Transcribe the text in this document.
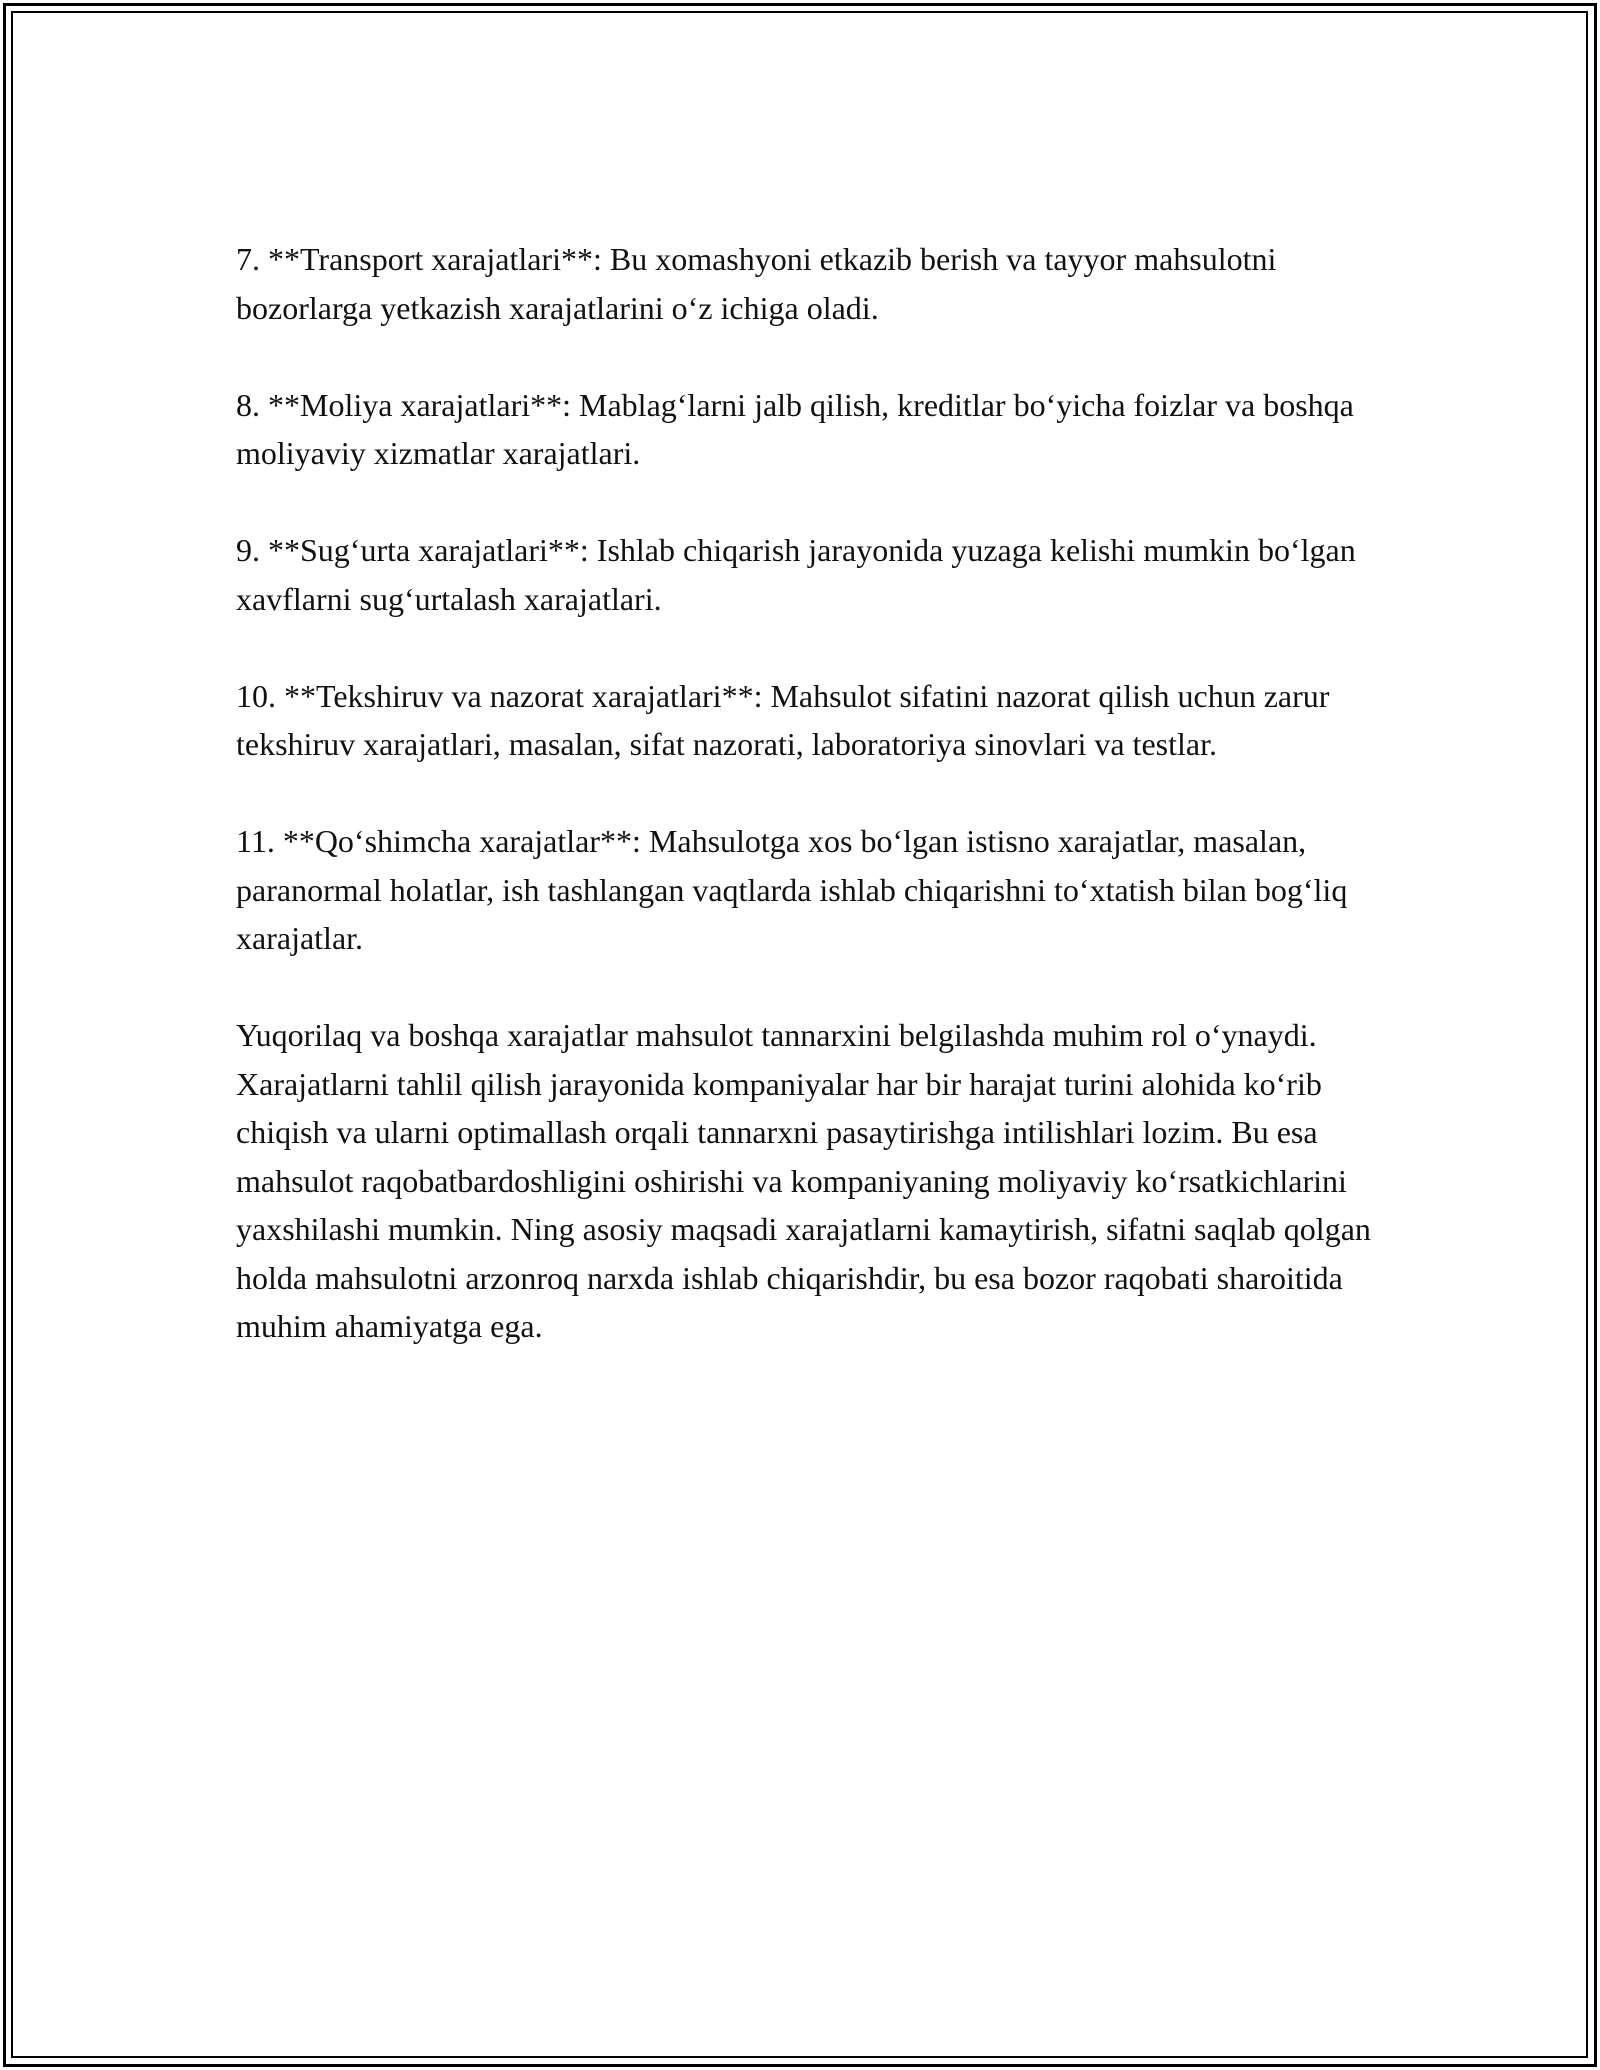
7. **Transport xarajatlari**: Bu xomashyoni etkazib berish va tayyor mahsulotni bozorlarga yetkazish xarajatlarini o‘z ichiga oladi.

8. **Moliya xarajatlari**: Mablag‘larni jalb qilish, kreditlar bo‘yicha foizlar va boshqa moliyaviy xizmatlar xarajatlari.

9. **Sug‘urta xarajatlari**: Ishlab chiqarish jarayonida yuzaga kelishi mumkin bo‘lgan xavflarni sug‘urtalash xarajatlari.

10. **Tekshiruv va nazorat xarajatlari**: Mahsulot sifatini nazorat qilish uchun zarur tekshiruv xarajatlari, masalan, sifat nazorati, laboratoriya sinovlari va testlar.

11. **Qo‘shimcha xarajatlar**: Mahsulotga xos bo‘lgan istisno xarajatlar, masalan, paranormal holatlar, ish tashlangan vaqtlarda ishlab chiqarishni to‘xtatish bilan bog‘liq xarajatlar.

Yuqorilaq va boshqa xarajatlar mahsulot tannarxini belgilashda muhim rol o‘ynaydi. Xarajatlarni tahlil qilish jarayonida kompaniyalar har bir harajat turini alohida ko‘rib chiqish va ularni optimallash orqali tannarxni pasaytirishga intilishlari lozim. Bu esa mahsulot raqobatbardoshligini oshirishi va kompaniyaning moliyaviy ko‘rsatkichlarini yaxshilashi mumkin. Ning asosiy maqsadi xarajatlarni kamaytirish, sifatni saqlab qolgan holda mahsulotni arzonroq narxda ishlab chiqarishdir, bu esa bozor raqobati sharoitida muhim ahamiyatga ega.
